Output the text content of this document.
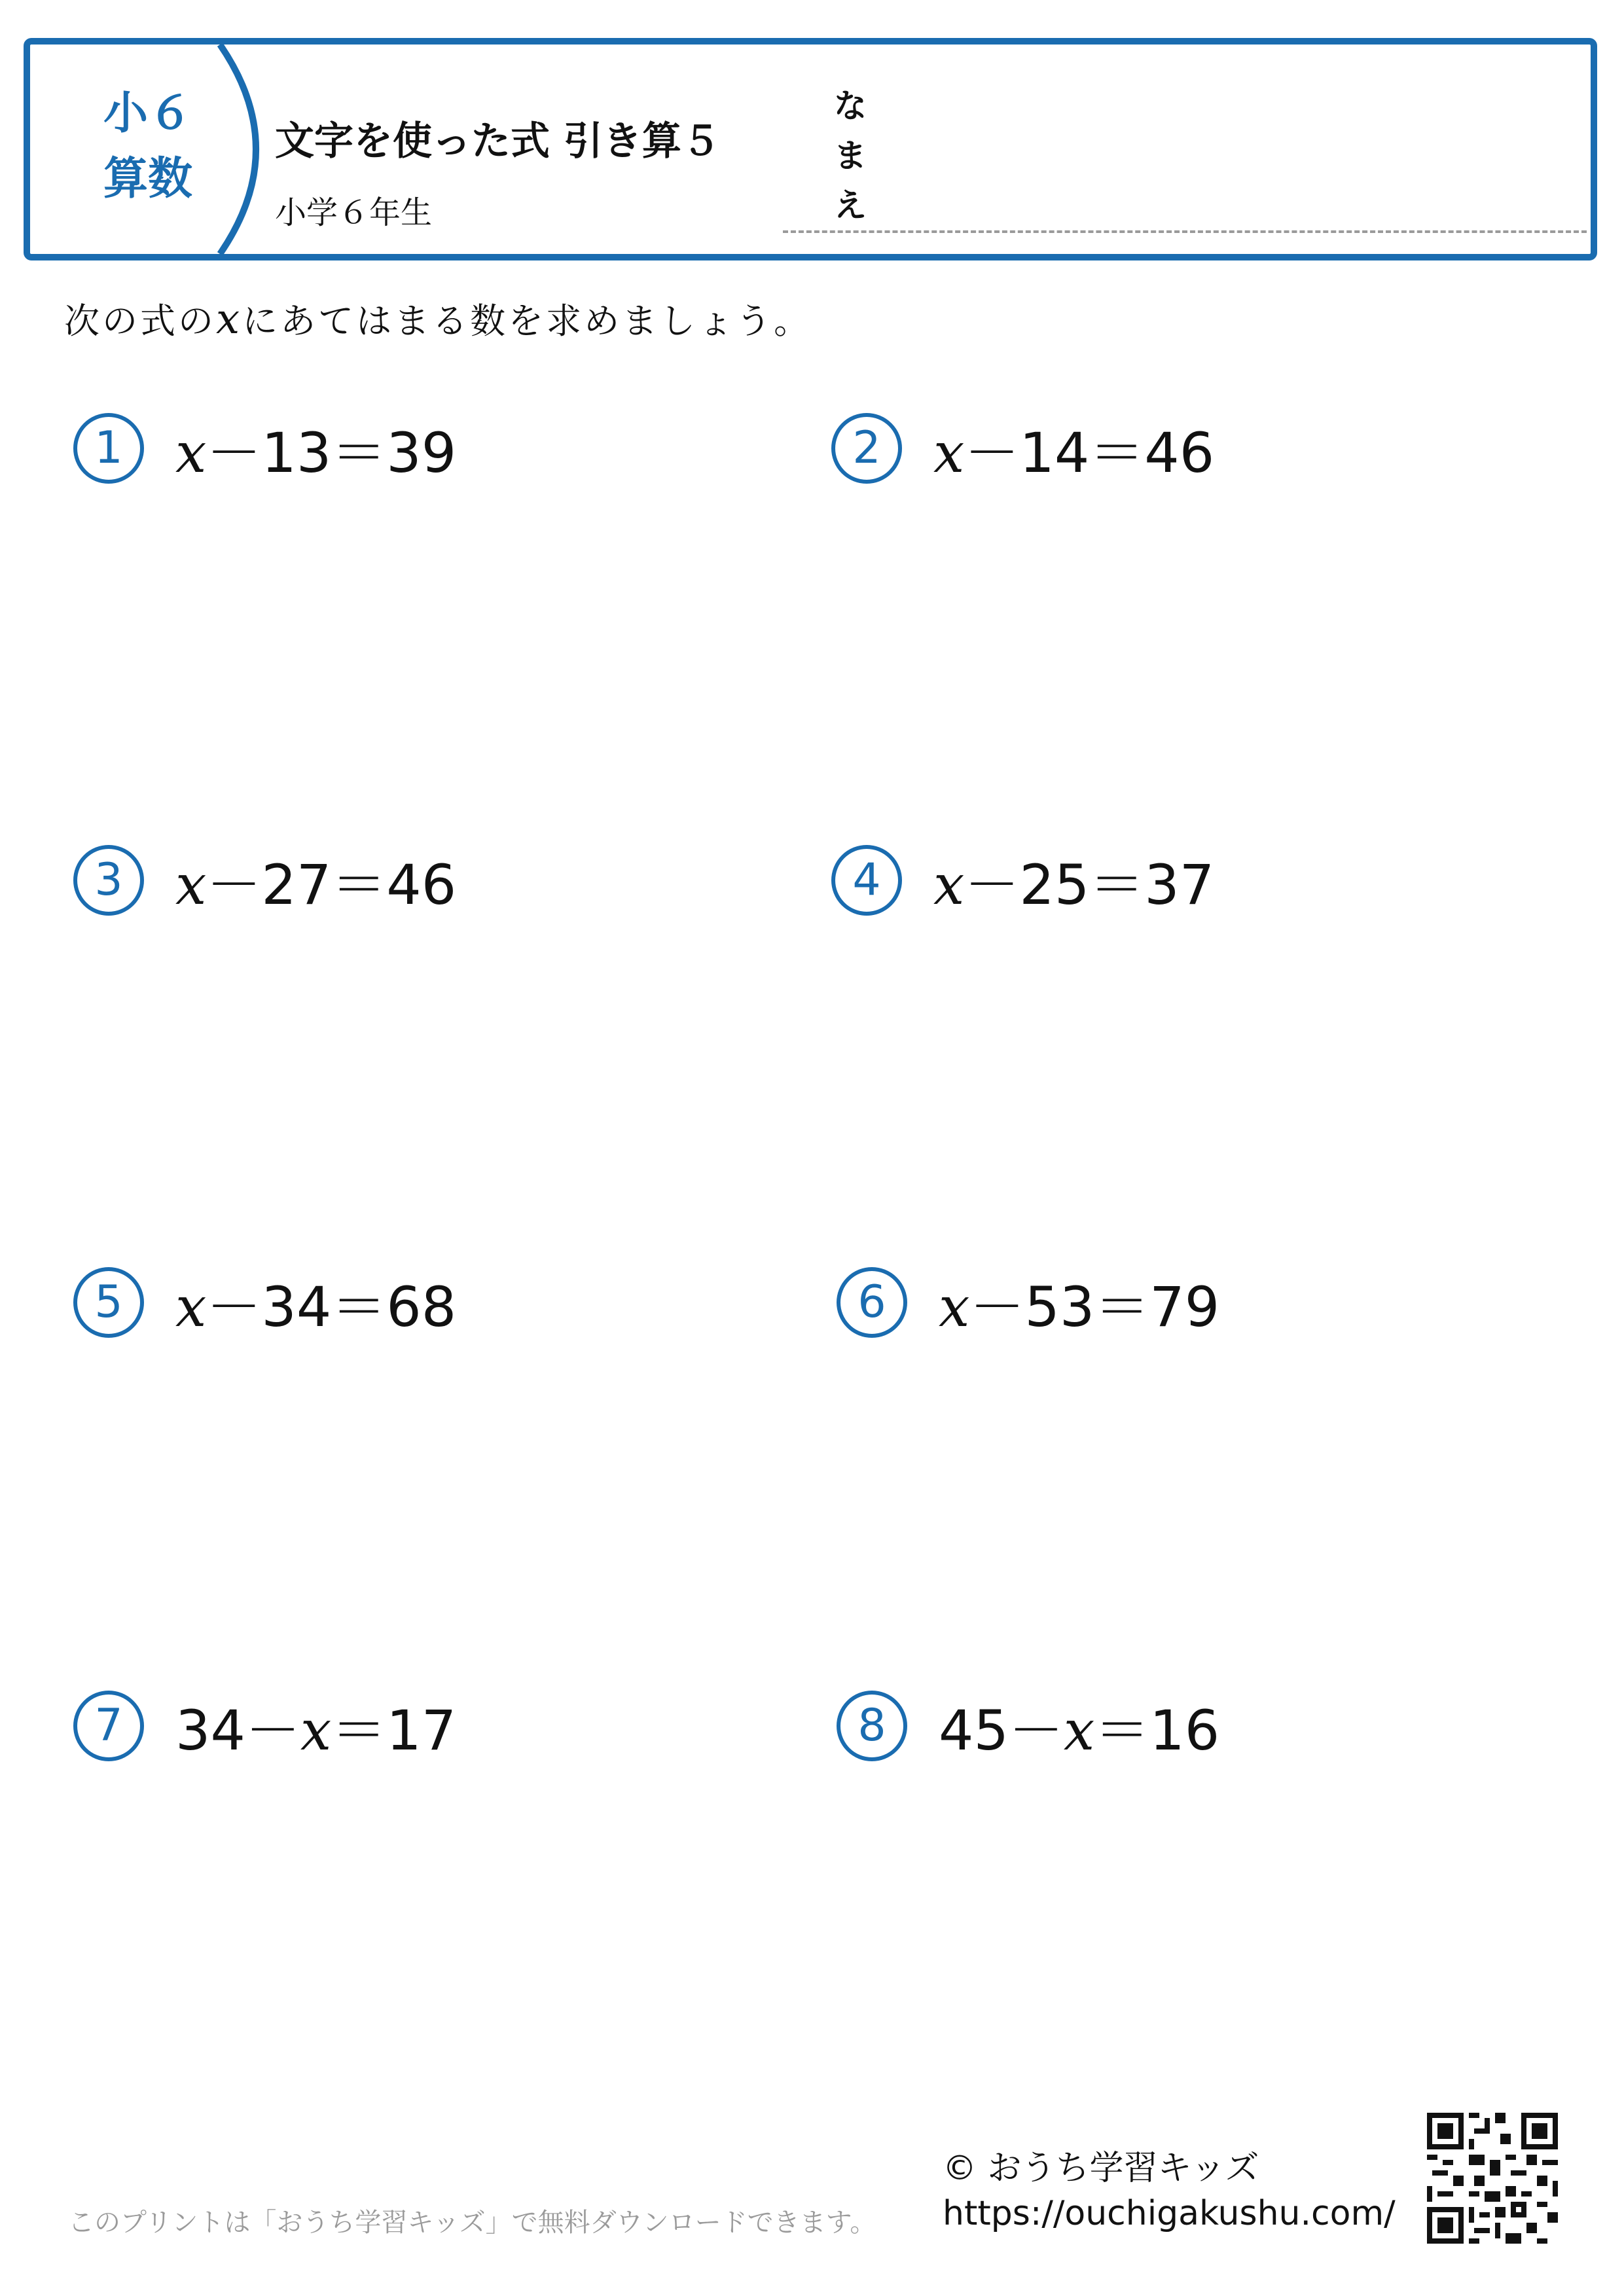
小６
算数
文字を使った式 引き算５
小学６年生
な
ま
え
次の式のxにあてはまる数を求めましょう。
1 x－13＝39	2 x－14＝46
3 x－27＝46	4 x－25＝37
5 x－34＝68	6 x－53＝79
7 34－x＝17	8 45－x＝16
© おうち学習キッズ
https://ouchigakushu.com/
このプリントは「おうち学習キッズ」で無料ダウンロードできます。
